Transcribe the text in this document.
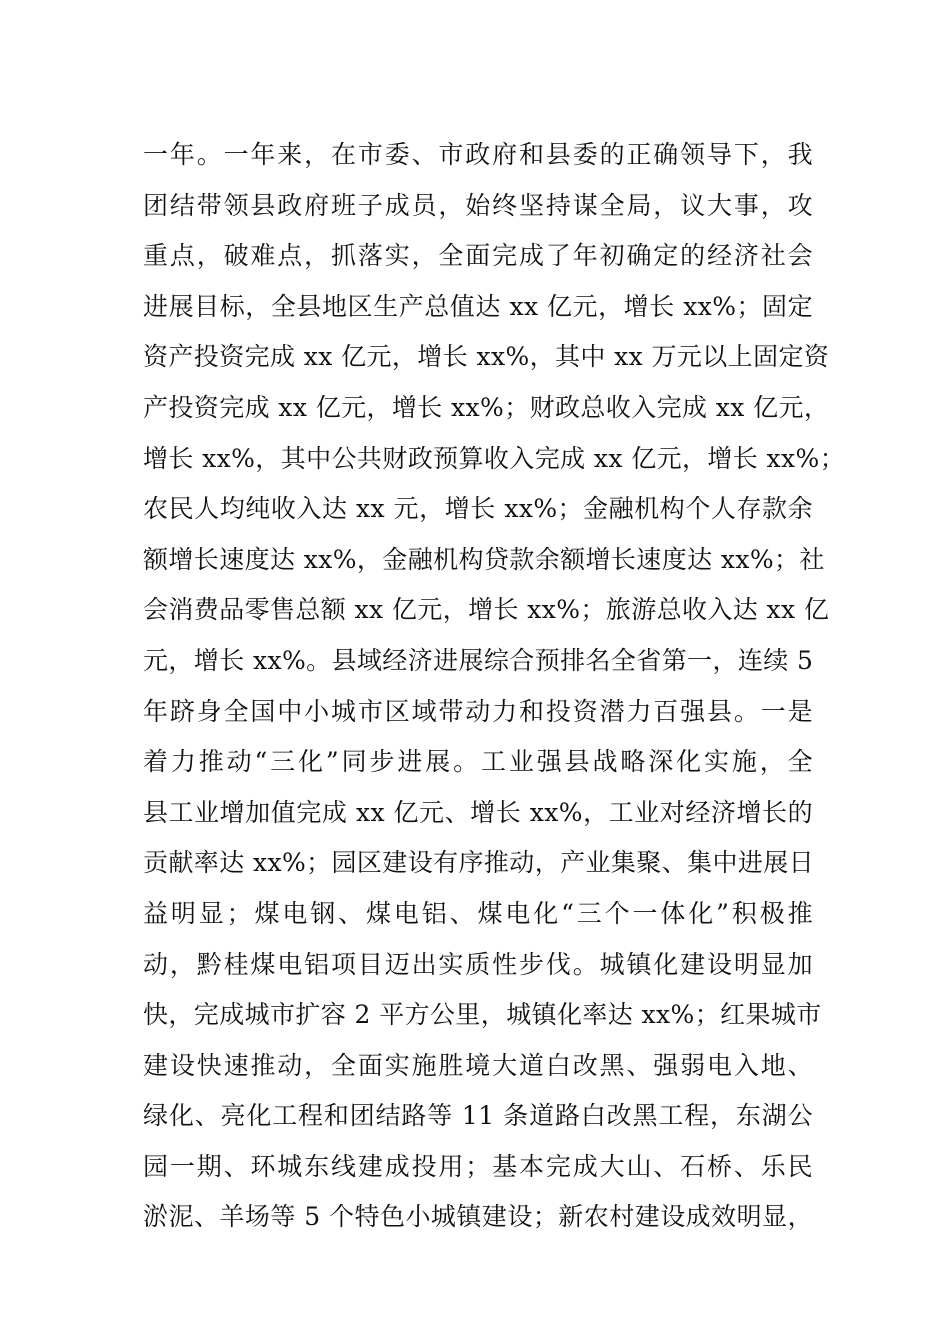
一年。一年来，在市委、市政府和县委的正确领导下，我
团结带领县政府班子成员，始终坚持谋全局，议大事，攻
重点，破难点，抓落实，全面完成了年初确定的经济社会
进展目标，全县地区生产总值达 xx 亿元，增长 xx%；固定
资产投资完成 xx 亿元，增长 xx%，其中 xx 万元以上固定资
产投资完成 xx 亿元，增长 xx%；财政总收入完成 xx 亿元，
增长 xx%，其中公共财政预算收入完成 xx 亿元，增长 xx%；
农民人均纯收入达 xx 元，增长 xx%；金融机构个人存款余
额增长速度达 xx%，金融机构贷款余额增长速度达 xx%；社
会消费品零售总额 xx 亿元，增长 xx%；旅游总收入达 xx 亿
元，增长 xx%。县域经济进展综合预排名全省第一，连续 5
年跻身全国中小城市区域带动力和投资潜力百强县。一是
着力推动“三化”同步进展。工业强县战略深化实施，全
县工业增加值完成 xx 亿元、增长 xx%，工业对经济增长的
贡献率达 xx%；园区建设有序推动，产业集聚、集中进展日
益明显；煤电钢、煤电铝、煤电化“三个一体化”积极推
动，黔桂煤电铝项目迈出实质性步伐。城镇化建设明显加
快，完成城市扩容 2 平方公里，城镇化率达 xx%；红果城市
建设快速推动，全面实施胜境大道白改黑、强弱电入地、
绿化、亮化工程和团结路等 11 条道路白改黑工程，东湖公
园一期、环城东线建成投用；基本完成大山、石桥、乐民
淤泥、羊场等 5 个特色小城镇建设；新农村建设成效明显，
